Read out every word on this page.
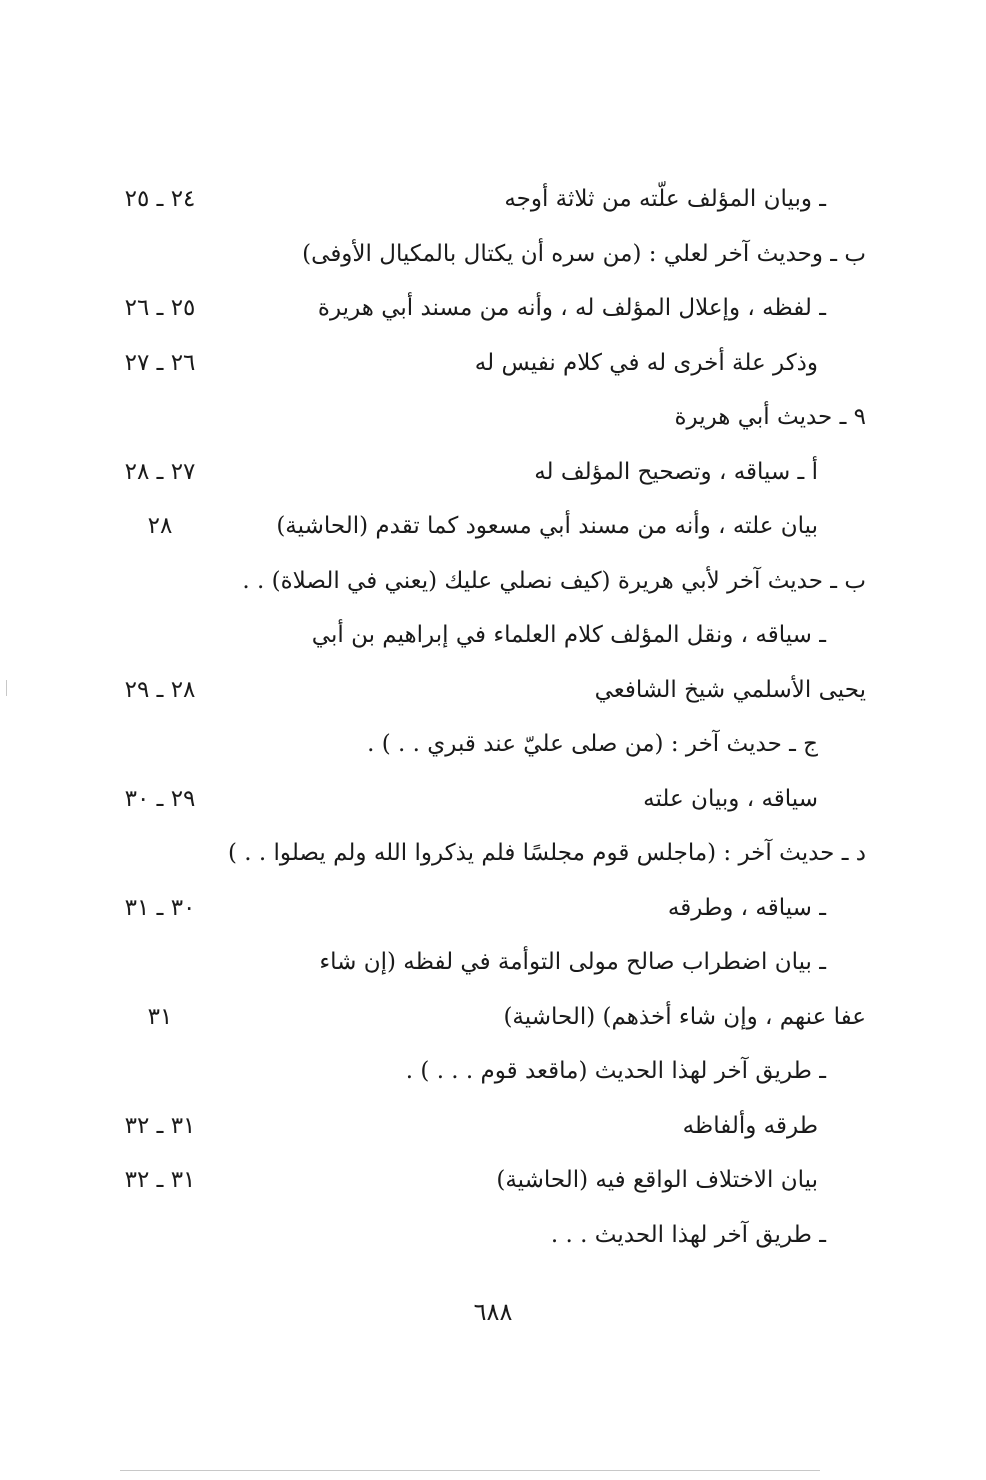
ـ وبيان المؤلف علّته من ثلاثة أوجه
٢٤ ـ ٢٥
ب ـ وحديث آخر لعلي : (من سره أن يكتال بالمكيال الأوفى)
ـ لفظه ، وإعلال المؤلف له ، وأنه من مسند أبي هريرة
٢٥ ـ ٢٦
وذكر علة أخرى له في كلام نفيس له
٢٦ ـ ٢٧
٩ ـ حديث أبي هريرة
أ ـ سياقه ، وتصحيح المؤلف له
٢٧ ـ ٢٨
بيان علته ، وأنه من مسند أبي مسعود كما تقدم (الحاشية)
٢٨
ب ـ حديث آخر لأبي هريرة (كيف نصلي عليك (يعني في الصلاة) . .
ـ سياقه ، ونقل المؤلف كلام العلماء في إبراهيم بن أبي
يحيى الأسلمي شيخ الشافعي
٢٨ ـ ٢٩
ج ـ حديث آخر : (من صلى عليّ عند قبري . . ) .
سياقه ، وبيان علته
٢٩ ـ ٣٠
د ـ حديث آخر : (ماجلس قوم مجلسًا فلم يذكروا الله ولم يصلوا . . )
ـ سياقه ، وطرقه
٣٠ ـ ٣١
ـ بيان اضطراب صالح مولى التوأمة في لفظه (إن شاء
عفا عنهم ، وإن شاء أخذهم) (الحاشية)
٣١
ـ طريق آخر لهذا الحديث (ماقعد قوم . . . ) .
طرقه وألفاظه
٣١ ـ ٣٢
بيان الاختلاف الواقع فيه (الحاشية)
٣١ ـ ٣٢
ـ طريق آخر لهذا الحديث . . .
٦٨٨
